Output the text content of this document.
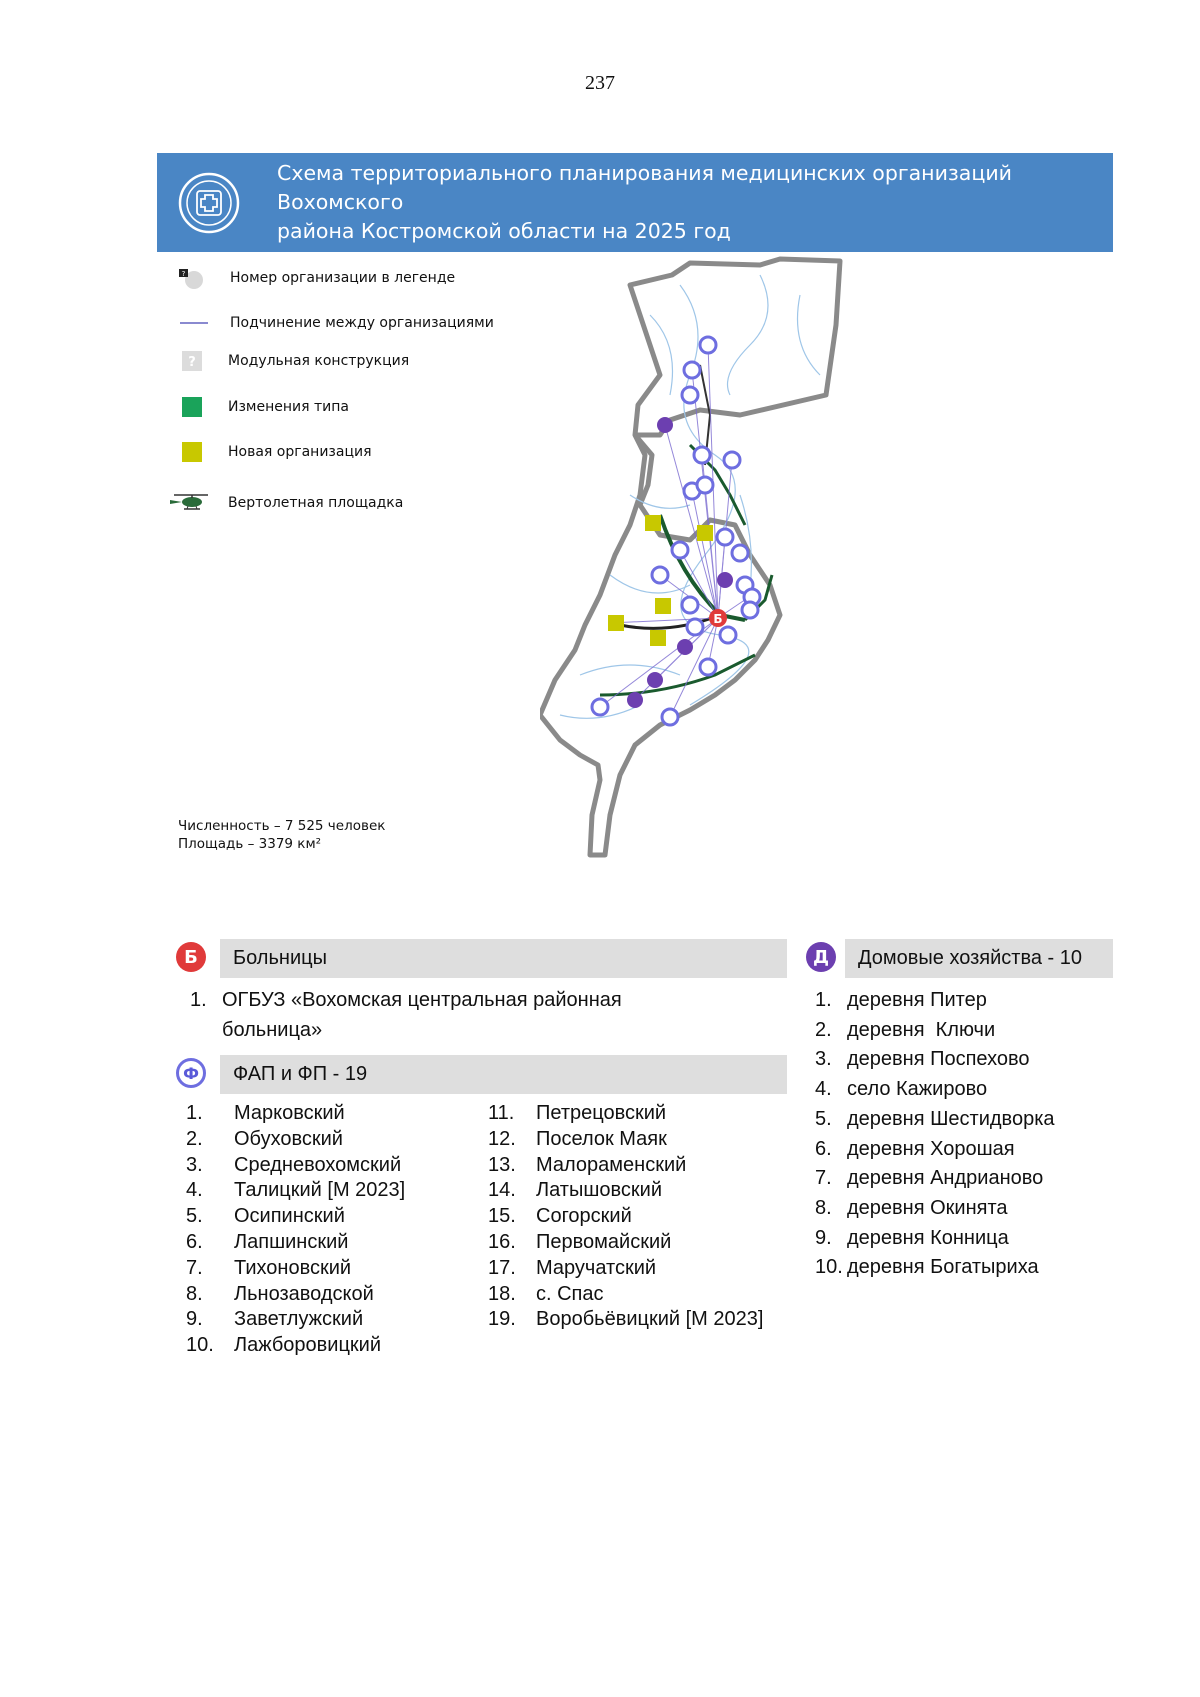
237
Схема территориального планирования медицинских организаций Вохомского
района Костромской области на 2025 год
?	Номер организации в легенде
Подчинение между организациями
? Модульная конструкция
Изменения типа
Новая организация
Вертолетная площадка
Б
Численность – 7 525 человек
Площадь – 3379 км²
Б	Больницы
1. ОГБУЗ «Вохомская центральная районная
больница»
Ф	ФАП и ФП - 19
1.	Марковский
2.	Обуховский
3.	Средневохомский
4.	Талицкий [М 2023]
5.	Осипинский
6.	Лапшинский
7.	Тихоновский
8.	Льнозаводской
9.	Заветлужский
10.	Лажборовицкий
11.	Петрецовский
12.	Поселок Маяк
13.	Малораменский
14.	Латышовский
15.	Согорский
16.	Первомайский
17.	Маручатский
18.	с. Спас
19.	Воробьёвицкий [М 2023]
Д	Домовые хозяйства - 10
1. деревня Питер
2. деревня  Ключи
3. деревня Поспехово
4. село Кажирово
5. деревня Шестидворка
6. деревня Хорошая
7. деревня Андрианово
8. деревня Окинята
9. деревня Конница
10. деревня Богатыриха
